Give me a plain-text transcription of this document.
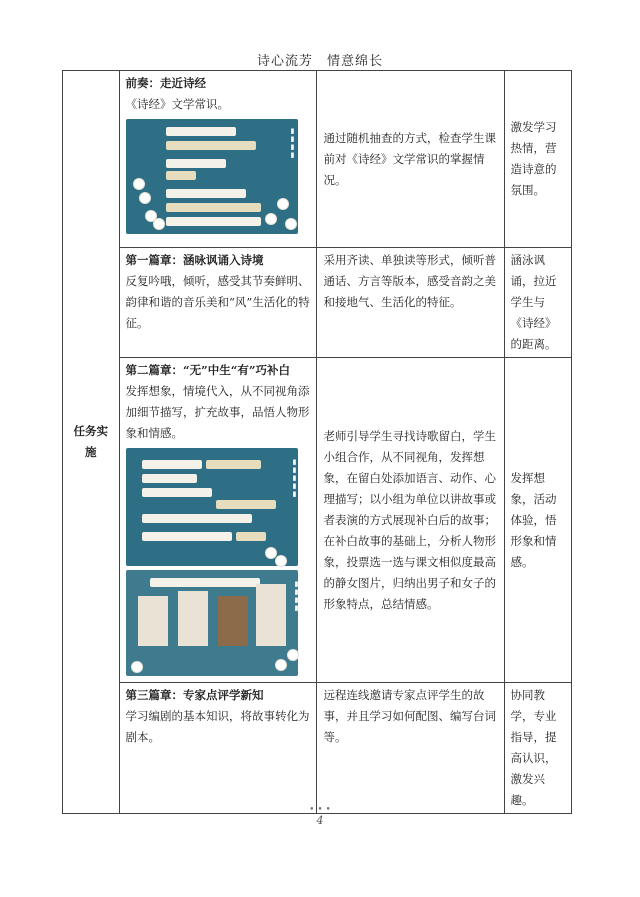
诗心流芳　情意绵长
任务实施	前奏：走近诗经
《诗经》文学常识。
▮▮▮▮	通过随机抽查的方式，检查学生课前对《诗经》文学常识的掌握情况。	激发学习热情，营造诗意的氛围。

	第一篇章：涵咏讽诵入诗境
反复吟哦，倾听，感受其节奏鲜明、韵律和谐的音乐美和“风”生活化的特征。	采用齐读、单独读等形式，倾听普通话、方言等版本，感受音韵之美和接地气、生活化的特征。	涵泳讽诵，拉近学生与《诗经》的距离。

	第二篇章：“无”中生“有”巧补白
发挥想象，情境代入，从不同视角添加细节描写，扩充故事，品悟人物形象和情感。
▮▮▮▮▮
▮▮▮▮	老师引导学生寻找诗歌留白，学生小组合作，从不同视角，发挥想象，在留白处添加语言、动作、心理描写；以小组为单位以讲故事或者表演的方式展现补白后的故事；在补白故事的基础上，分析人物形象，投票选一选与课文相似度最高的静女图片，归纳出男子和女子的形象特点，总结情感。	发挥想象，活动体验，悟形象和情感。

	第三篇章：专家点评学新知
学习编剧的基本知识，将故事转化为剧本。	远程连线邀请专家点评学生的故事，并且学习如何配图、编写台词等。	协同教学，专业指导，提高认识，激发兴趣。
• • •
4
